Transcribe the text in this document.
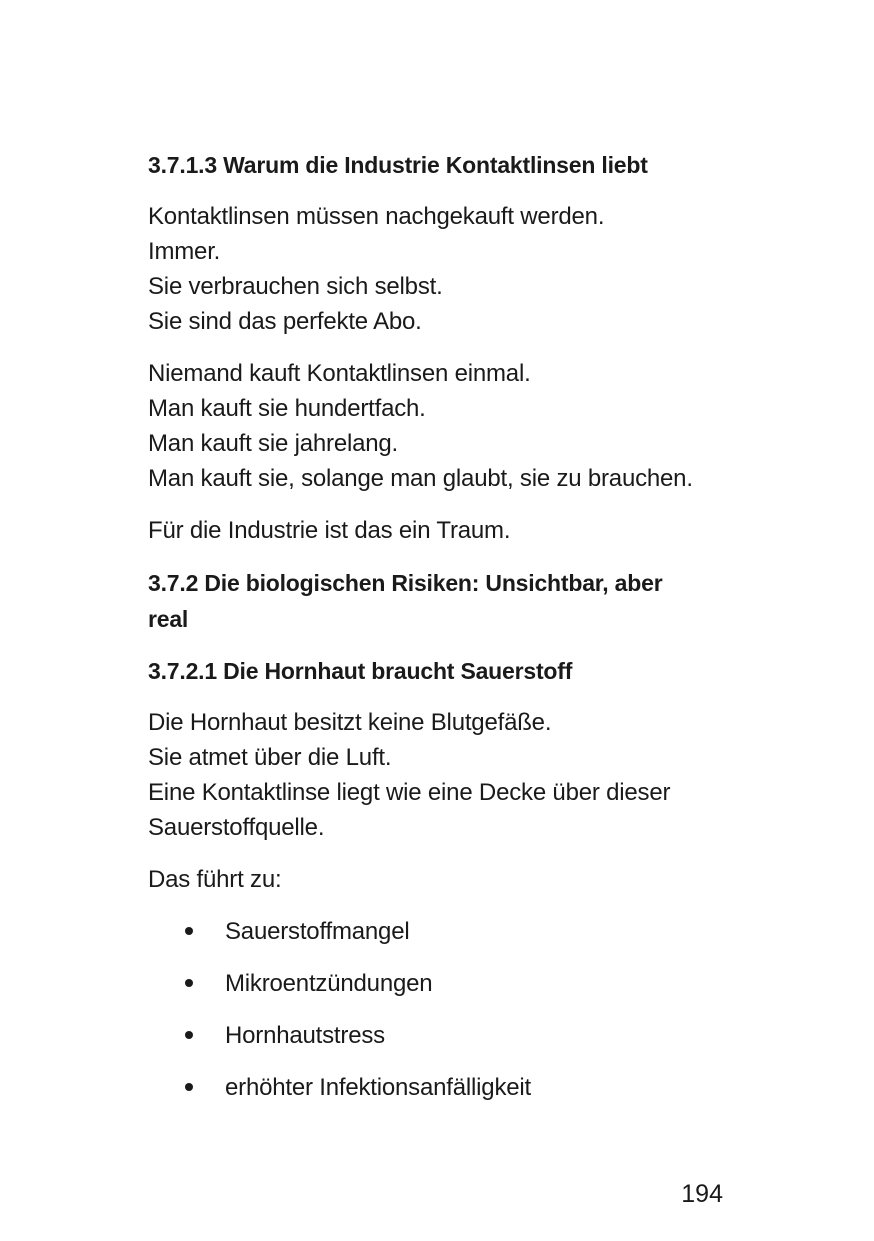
3.7.1.3 Warum die Industrie Kontaktlinsen liebt

Kontaktlinsen müssen nachgekauft werden.
Immer.
Sie verbrauchen sich selbst.
Sie sind das perfekte Abo.

Niemand kauft Kontaktlinsen einmal.
Man kauft sie hundertfach.
Man kauft sie jahrelang.
Man kauft sie, solange man glaubt, sie zu brauchen.

Für die Industrie ist das ein Traum.

3.7.2 Die biologischen Risiken: Unsichtbar, aber real
3.7.2.1 Die Hornhaut braucht Sauerstoff

Die Hornhaut besitzt keine Blutgefäße.
Sie atmet über die Luft.
Eine Kontaktlinse liegt wie eine Decke über dieser
Sauerstoffquelle.

Das führt zu:

Sauerstoffmangel
Mikroentzündungen
Hornhautstress
erhöhter Infektionsanfälligkeit
194
